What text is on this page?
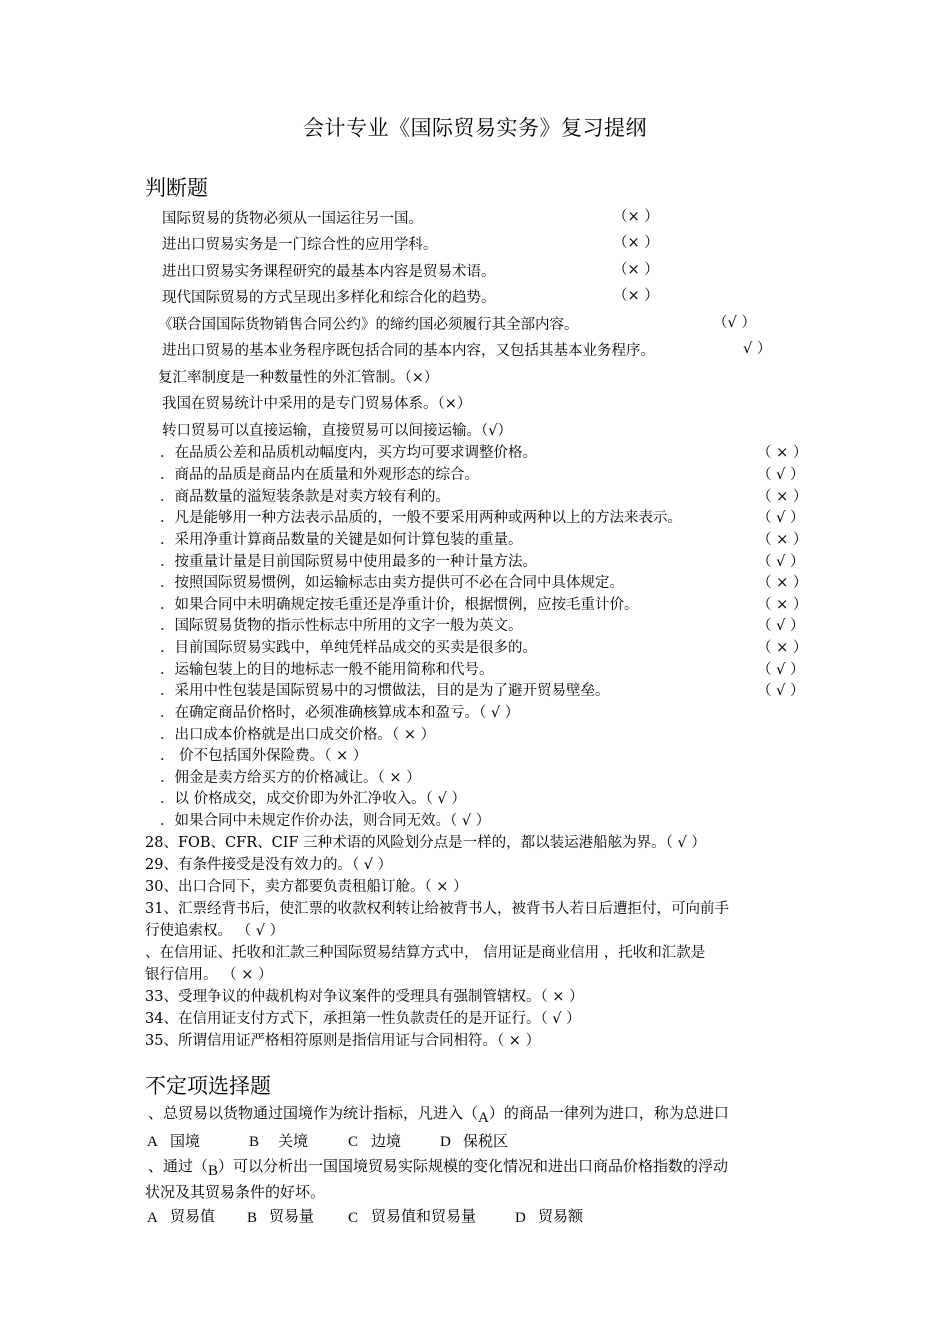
会计专业《国际贸易实务》复习提纲
判断题
国际贸易的货物必须从一国运往另一国。	（× ）
进出口贸易实务是一门综合性的应用学科。	（× ）
进出口贸易实务课程研究的最基本内容是贸易术语。	（× ）
现代国际贸易的方式呈现出多样化和综合化的趋势。	（× ）
《联合国国际货物销售合同公约》的缔约国必须履行其全部内容。	（√ ）
进出口贸易的基本业务程序既包括合同的基本内容，又包括其基本业务程序。	√ ）
复汇率制度是一种数量性的外汇管制。（×）
我国在贸易统计中采用的是专门贸易体系。（×）
转口贸易可以直接运输，直接贸易可以间接运输。（√）
．在品质公差和品质机动幅度内，买方均可要求调整价格。	（ × ）
．商品的品质是商品内在质量和外观形态的综合。	（ √ ）
．商品数量的溢短装条款是对卖方较有利的。	（ × ）
．凡是能够用一种方法表示品质的，一般不要采用两种或两种以上的方法来表示。	（ √ ）
．采用净重计算商品数量的关键是如何计算包装的重量。	（ × ）
．按重量计量是目前国际贸易中使用最多的一种计量方法。	（ √ ）
．按照国际贸易惯例，如运输标志由卖方提供可不必在合同中具体规定。	（ × ）
．如果合同中未明确规定按毛重还是净重计价，根据惯例，应按毛重计价。	（ × ）
．国际贸易货物的指示性标志中所用的文字一般为英文。	（ √ ）
．目前国际贸易实践中，单纯凭样品成交的买卖是很多的。	（ × ）
．运输包装上的目的地标志一般不能用简称和代号。	（ √ ）
．采用中性包装是国际贸易中的习惯做法，目的是为了避开贸易壁垒。	（ √ ）
．在确定商品价格时，必须准确核算成本和盈亏。（ √ ）
．出口成本价格就是出口成交价格。（ × ）
． 价不包括国外保险费。（ × ）
．佣金是卖方给买方的价格减让。（ × ）
．以 价格成交，成交价即为外汇净收入。（ √ ）
．如果合同中未规定作价办法，则合同无效。（ √ ）
28、FOB、CFR、CIF 三种术语的风险划分点是一样的，都以装运港船舷为界。（ √ ）
29、有条件接受是没有效力的。（ √ ）
30、出口合同下，卖方都要负责租船订舱。（ × ）
31、汇票经背书后，使汇票的收款权利转让给被背书人，被背书人若日后遭拒付，可向前手
行使追索权。 （ √ ）
、在信用证、托收和汇款三种国际贸易结算方式中， 信用证是商业信用 ，托收和汇款是
银行信用。 （ × ）
33、受理争议的仲裁机构对争议案件的受理具有强制管辖权。（ × ）
34、在信用证支付方式下，承担第一性负款责任的是开证行。（ √ ）
35、所谓信用证严格相符原则是指信用证与合同相符。（ × ）
不定项选择题
、总贸易以货物通过国境作为统计指标，凡进入（A）的商品一律列为进口，称为总进口
A 国境	B 关境	C 边境	D 保税区
、通过（B）可以分析出一国国境贸易实际规模的变化情况和进出口商品价格指数的浮动
状况及其贸易条件的好坏。
A 贸易值 B 贸易量 C 贸易值和贸易量	D 贸易额
